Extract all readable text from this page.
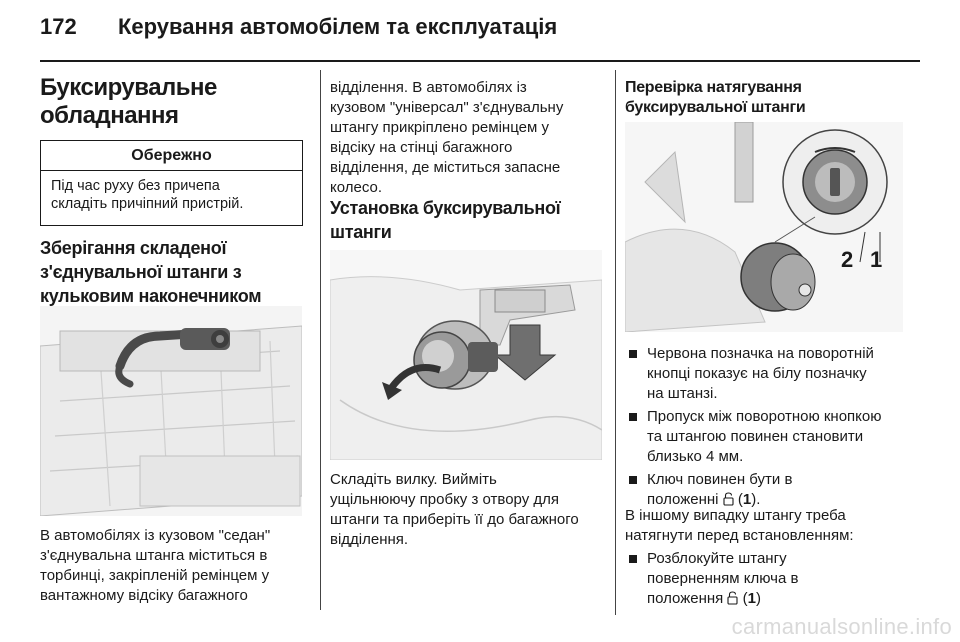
172 Керування автомобілем та експлуатація
Буксирувальне
обладнання
Обережно
Під час руху без причепа
складіть причіпний пристрій.
Зберігання складеної
з'єднувальної штанги з
кульковим наконечником
В автомобілях із кузовом "седан"
з'єднувальна штанга міститься в
торбинці, закріпленій ремінцем у
вантажному відсіку багажного
відділення. В автомобілях із
кузовом "універсал" з'єднувальну
штангу прикріплено ремінцем у
відсіку на стінці багажного
відділення, де міститься запасне
колесо.
Установка буксирувальної
штанги
Складіть вилку. Вийміть
ущільнюючу пробку з отвору для
штанги та приберіть її до багажного
відділення.
Перевірка натягування
буксирувальної штанги
2 1
Червона позначка на поворотній
кнопці показує на білу позначку
на штанзі.
Пропуск між поворотною кнопкою
та штангою повинен становити
близько 4 мм.
Ключ повинен бути в
положенні  (1).
В іншому випадку штангу треба
натягнути перед встановленням:
Розблокуйте штангу
поверненням ключа в
положення  (1)
carmanualsonline.info
